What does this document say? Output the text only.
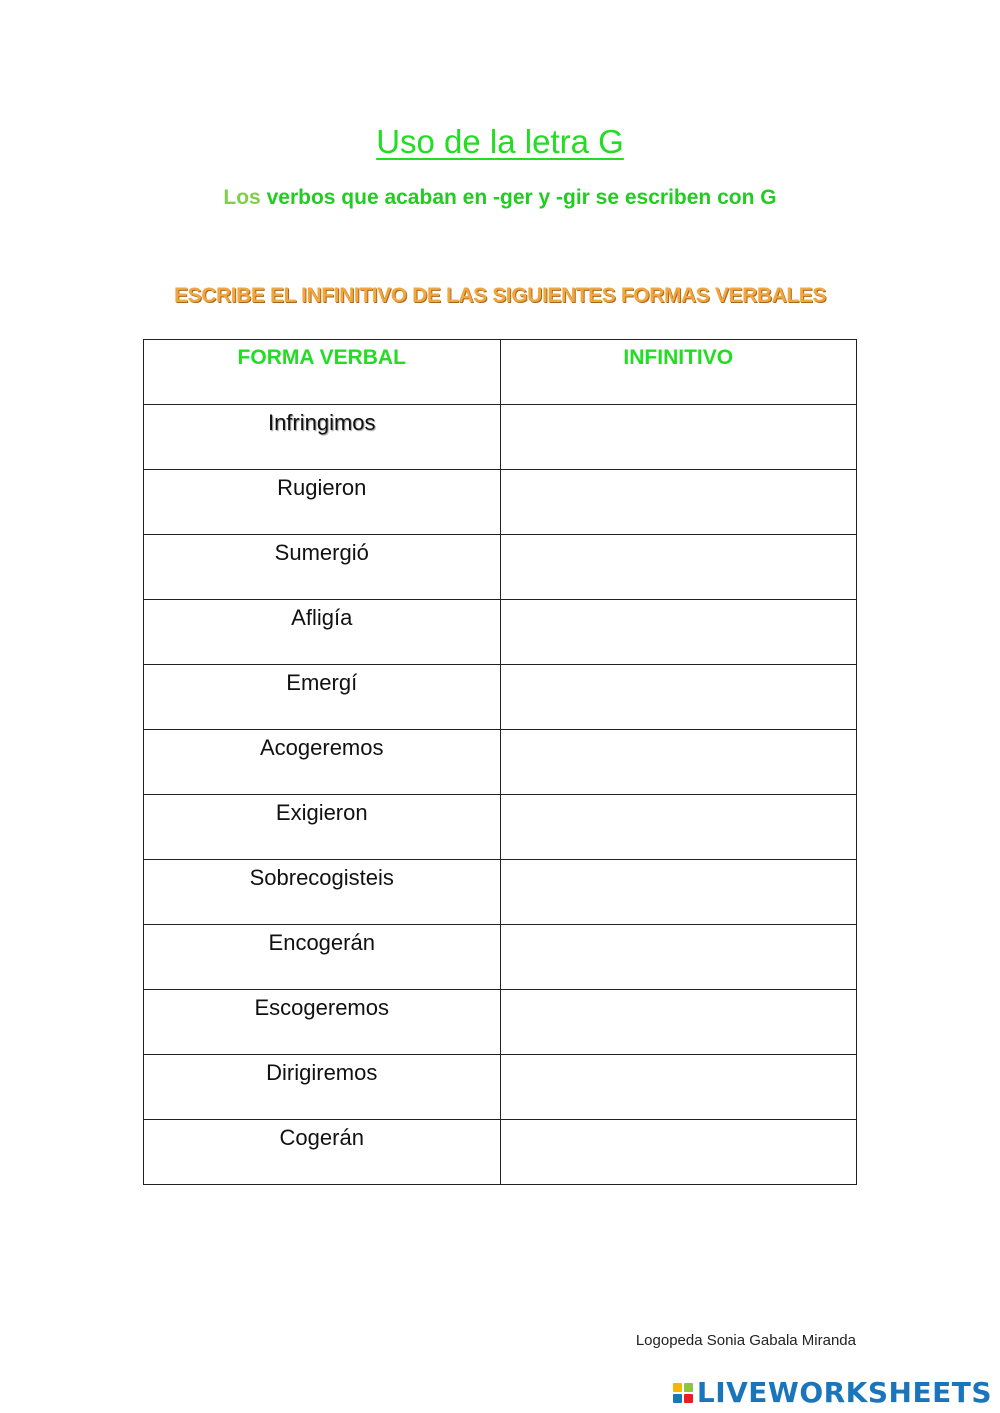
Uso de la letra G
Los verbos que acaban en -ger y -gir se escriben con G
ESCRIBE EL INFINITIVO DE LAS SIGUIENTES FORMAS VERBALES
FORMA VERBAL	INFINITIVO
Infringimos	
Rugieron	
Sumergió	
Afligía	
Emergí	
Acogeremos	
Exigieron	
Sobrecogisteis	
Encogerán	
Escogeremos	
Dirigiremos	
Cogerán	
Logopeda Sonia Gabala Miranda
LIVEWORKSHEETS
